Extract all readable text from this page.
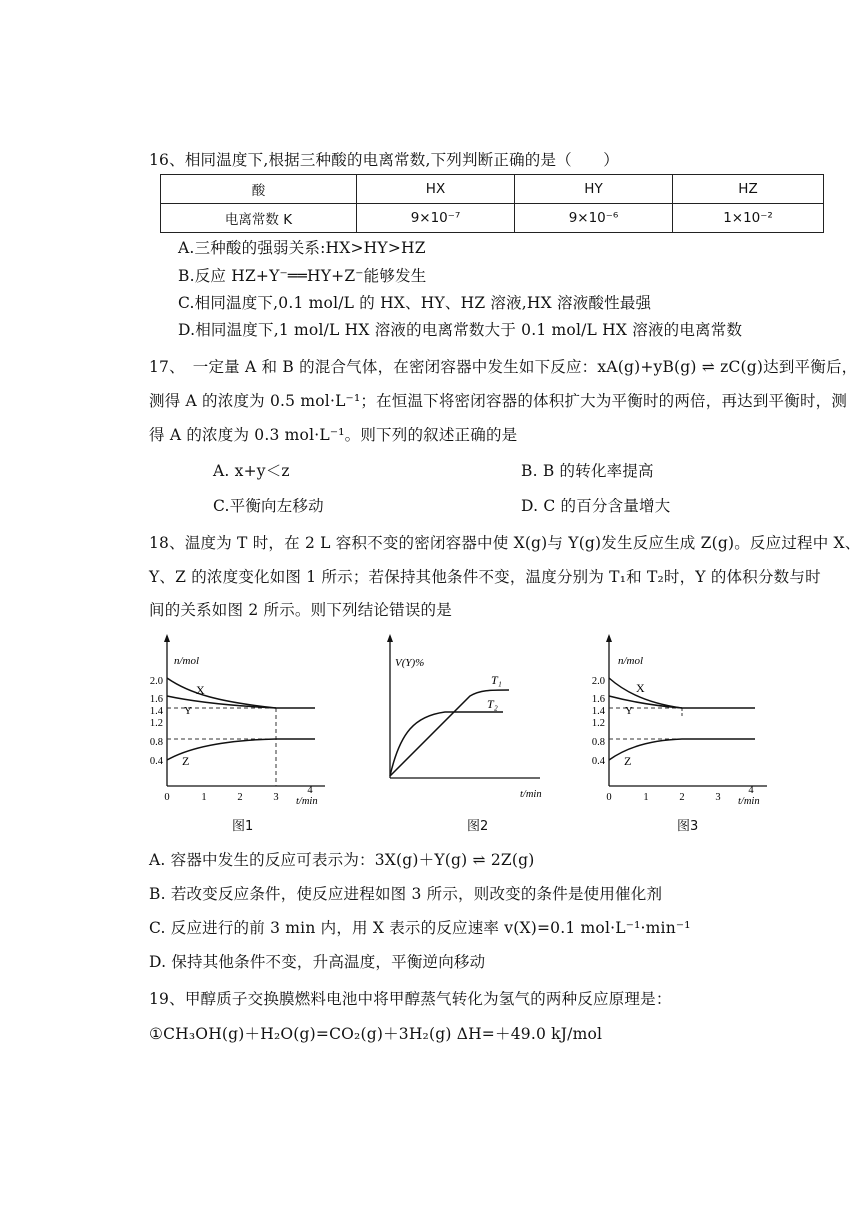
16、相同温度下,根据三种酸的电离常数,下列判断正确的是（　　）
酸	HX	HY	HZ
电离常数 K	9×10⁻⁷	9×10⁻⁶	1×10⁻²
A.三种酸的强弱关系:HX>HY>HZ
B.反应 HZ+Y⁻══HY+Z⁻能够发生
C.相同温度下,0.1 mol/L 的 HX、HY、HZ 溶液,HX 溶液酸性最强
D.相同温度下,1 mol/L HX 溶液的电离常数大于 0.1 mol/L HX 溶液的电离常数
17、　一定量 A 和 B 的混合气体，在密闭容器中发生如下反应：xA(g)+yB(g) ⇌ zC(g)达到平衡后，
测得 A 的浓度为 0.5 mol·L⁻¹；在恒温下将密闭容器的体积扩大为平衡时的两倍，再达到平衡时，测
得 A 的浓度为 0.3 mol·L⁻¹。则下列的叙述正确的是
A. x+y＜z	B. B 的转化率提高
C.平衡向左移动	D. C 的百分含量增大
18、温度为 T 时，在 2 L 容积不变的密闭容器中使 X(g)与 Y(g)发生反应生成 Z(g)。反应过程中 X、
Y、Z 的浓度变化如图 1 所示；若保持其他条件不变，温度分别为 T₁和 T₂时，Y 的体积分数与时
间的关系如图 2 所示。则下列结论错误的是
n/mol
t/min
2.0
1.6
1.4
1.2
0.8
0.4
0	1	2	3
4
X
Y
Z
图1
V(Y)%
t/min
T₁
T₂
图2
n/mol
t/min
2.0
1.6
1.4
1.2
0.8
0.4
0	1	2	3
4
X
Y
Z
图3
A. 容器中发生的反应可表示为：3X(g)＋Y(g) ⇌ 2Z(g)
B. 若改变反应条件，使反应进程如图 3 所示，则改变的条件是使用催化剂
C. 反应进行的前 3 min 内，用 X 表示的反应速率 v(X)=0.1 mol·L⁻¹·min⁻¹
D. 保持其他条件不变，升高温度，平衡逆向移动
19、甲醇质子交换膜燃料电池中将甲醇蒸气转化为氢气的两种反应原理是：
①CH₃OH(g)＋H₂O(g)=CO₂(g)＋3H₂(g) ΔH=＋49.0 kJ/mol
